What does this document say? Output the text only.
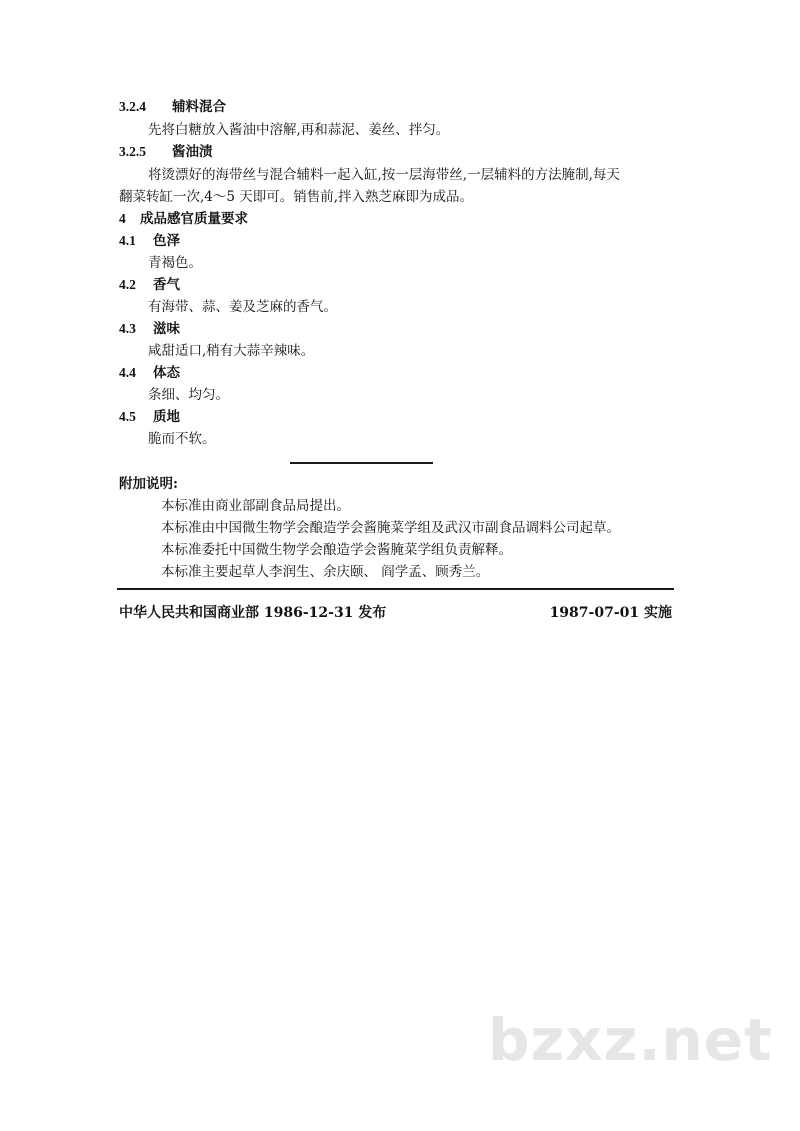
3.2.4 辅料混合
先将白糖放入酱油中溶解,再和蒜泥、姜丝、拌匀。
3.2.5 酱油渍
将烫漂好的海带丝与混合辅料一起入缸,按一层海带丝,一层辅料的方法腌制,每天
翻菜转缸一次,4～5 天即可。销售前,拌入熟芝麻即为成品。
4 成品感官质量要求
4.1 色泽
青褐色。
4.2 香气
有海带、蒜、姜及芝麻的香气。
4.3 滋味
咸甜适口,稍有大蒜辛辣味。
4.4 体态
条细、均匀。
4.5 质地
脆而不软。
附加说明:
本标准由商业部副食品局提出。
本标准由中国微生物学会酿造学会酱腌菜学组及武汉市副食品调料公司起草。
本标准委托中国微生物学会酿造学会酱腌菜学组负责解释。
本标准主要起草人李润生、余庆颐、 阎学孟、顾秀兰。
中华人民共和国商业部 1986-12-31 发布	1987-07-01 实施
bzxz.net
